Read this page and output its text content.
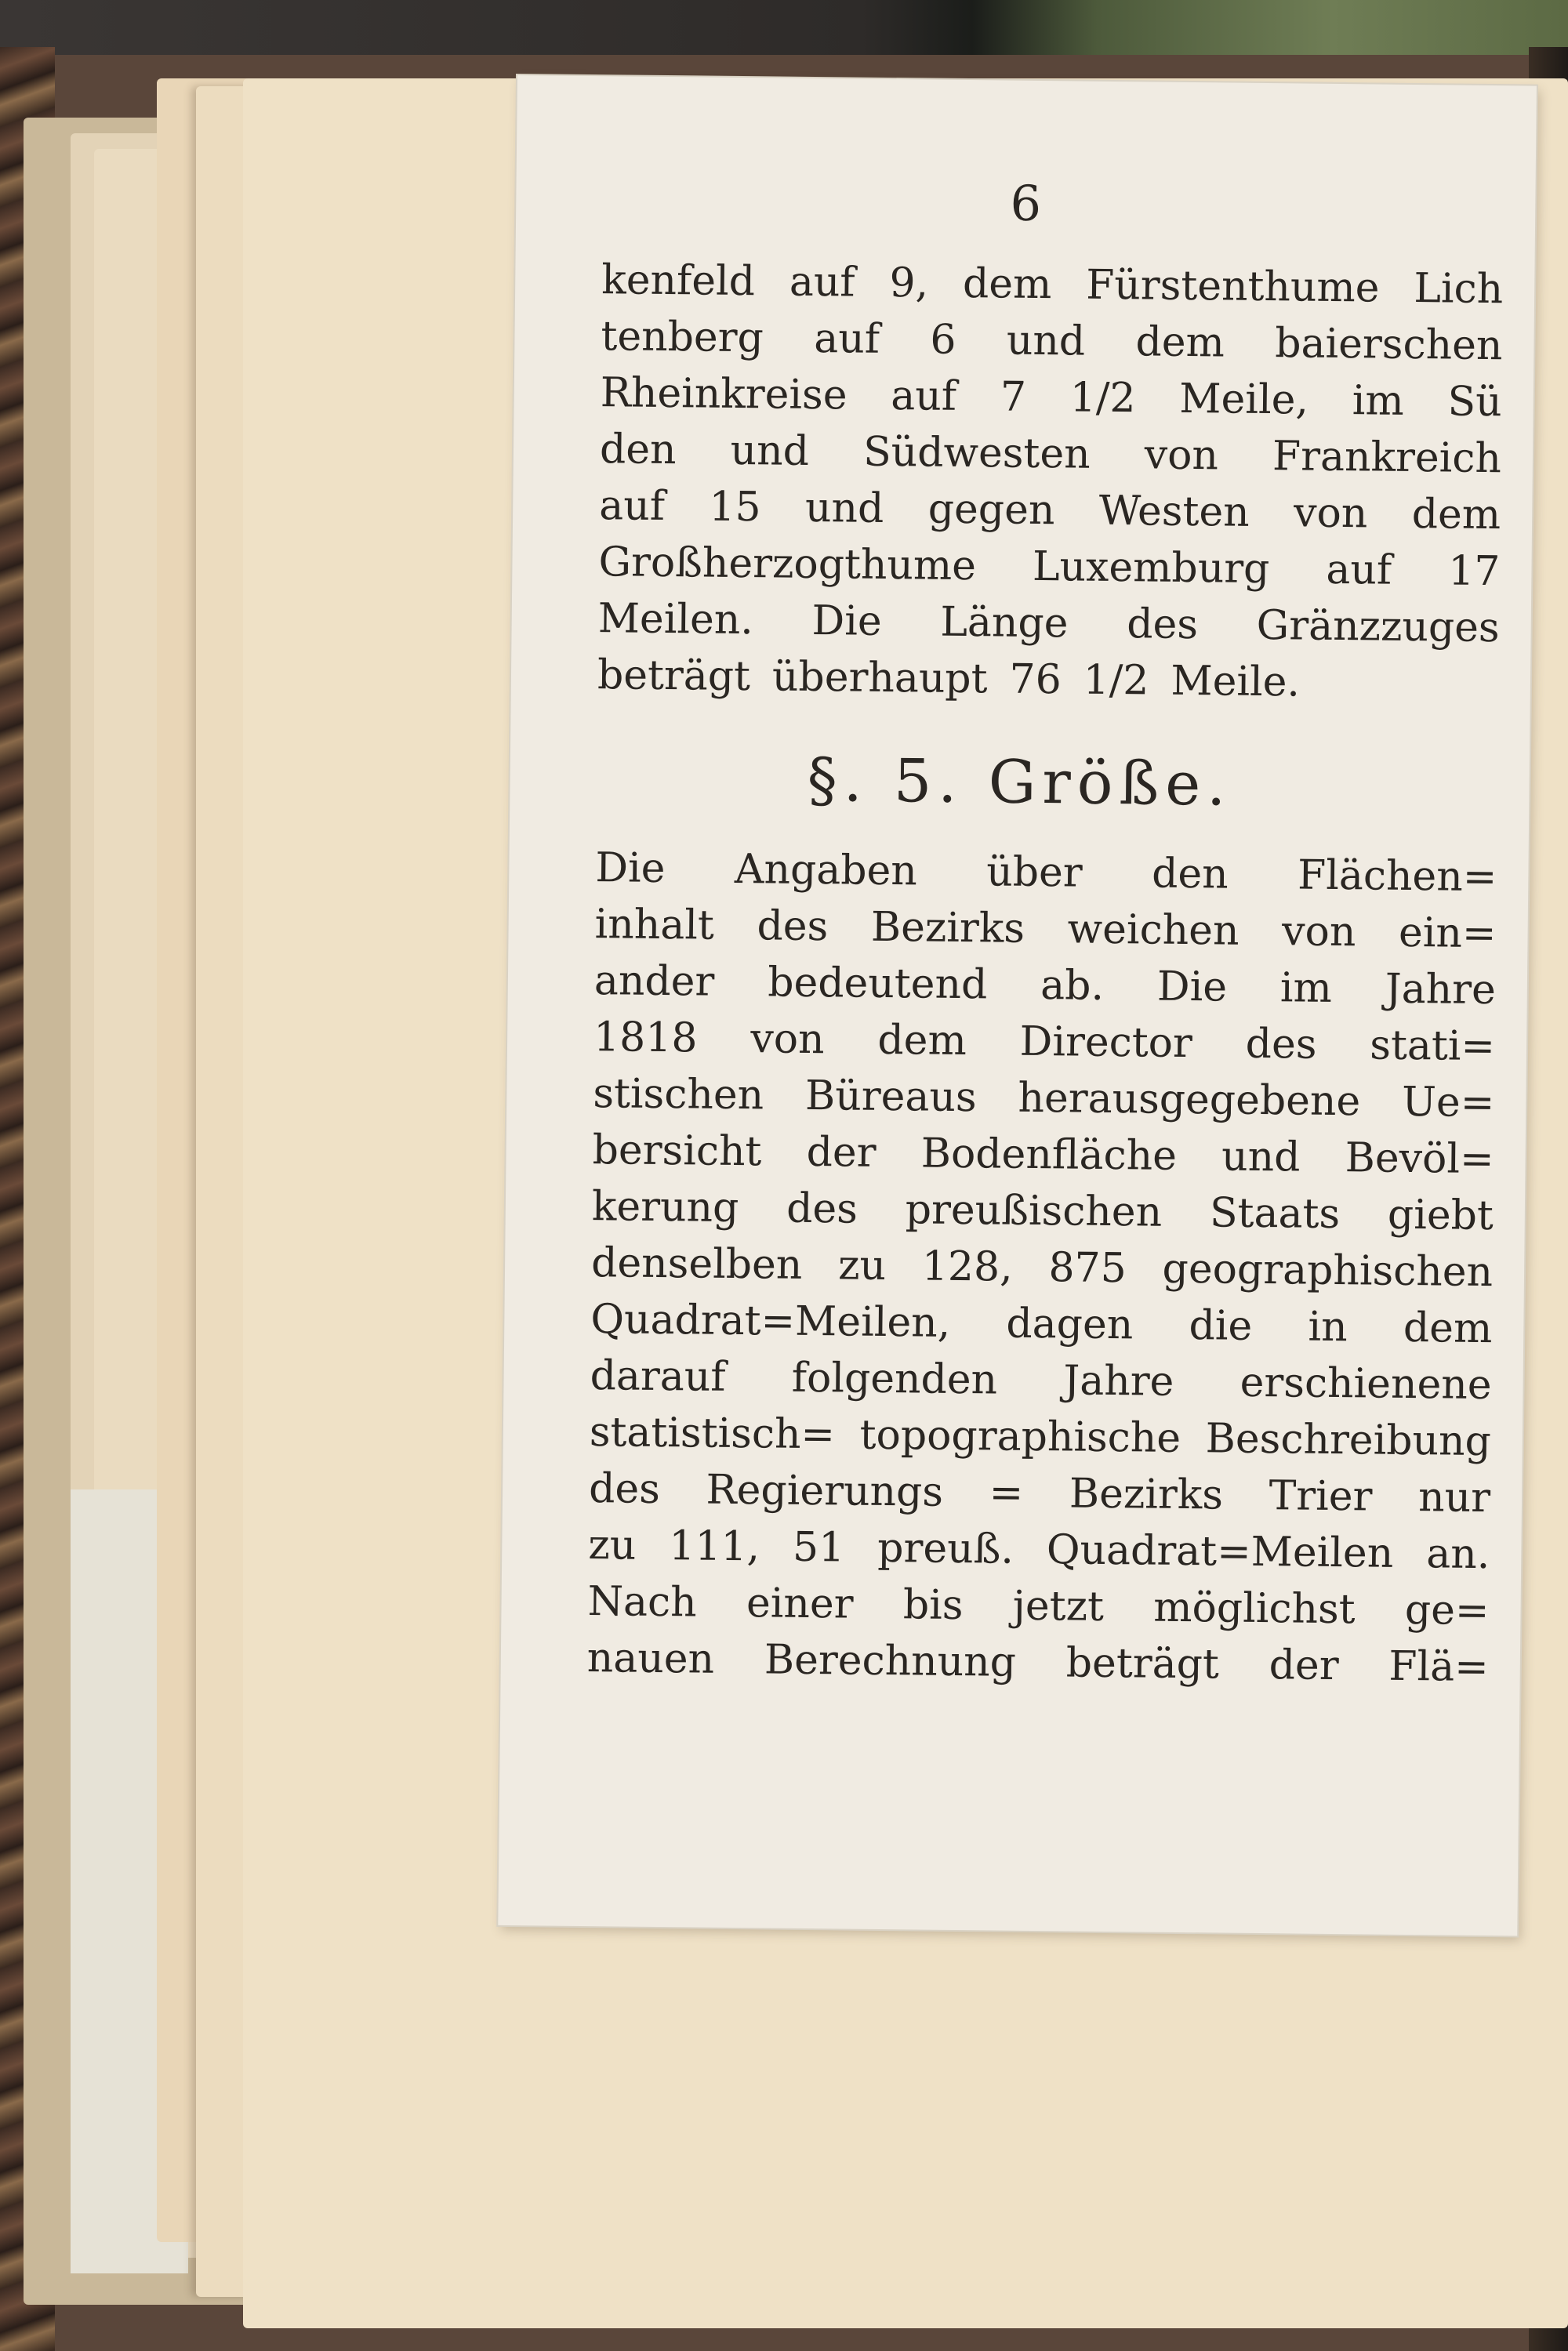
6
kenfeld auf 9, dem Fürstenthume Lich
tenberg auf 6 und dem baierschen
Rheinkreise auf 7 1/2 Meile, im Sü
den und Südwesten von Frankreich
auf 15 und gegen Westen von dem
Großherzogthume Luxemburg auf 17
Meilen. Die Länge des Gränzzuges
beträgt überhaupt 76 1/2 Meile.
§. 5. Größe.
Die Angaben über den Flächen=
inhalt des Bezirks weichen von ein=
ander bedeutend ab. Die im Jahre
1818 von dem Director des stati=
stischen Büreaus herausgegebene Ue=
bersicht der Bodenfläche und Bevöl=
kerung des preußischen Staats giebt
denselben zu 128, 875 geographischen
Quadrat=Meilen, dagen die in dem
darauf folgenden Jahre erschienene
statistisch= topographische Beschreibung
des Regierungs = Bezirks Trier nur
zu 111, 51 preuß. Quadrat=Meilen an.
Nach einer bis jetzt möglichst ge=
nauen Berechnung beträgt der Flä=
